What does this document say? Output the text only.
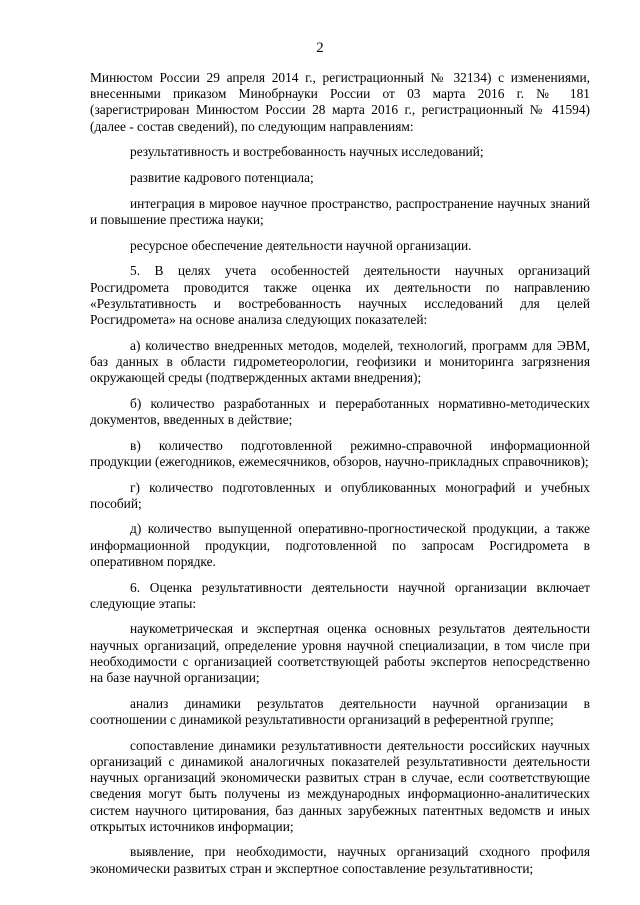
2

Минюстом России 29 апреля 2014 г., регистрационный № 32134) с изменениями, внесенными приказом Минобрнауки России от 03 марта 2016 г. № 181 (зарегистрирован Минюстом России 28 марта 2016 г., регистрационный № 41594) (далее - состав сведений), по следующим направлениям:

результативность и востребованность научных исследований;

развитие кадрового потенциала;

интеграция в мировое научное пространство, распространение научных знаний и повышение престижа науки;

ресурсное обеспечение деятельности научной организации.

5. В целях учета особенностей деятельности научных организаций Росгидромета проводится также оценка их деятельности по направлению «Результативность и востребованность научных исследований для целей Росгидромета» на основе анализа следующих показателей:

а) количество внедренных методов, моделей, технологий, программ для ЭВМ, баз данных в области гидрометеорологии, геофизики и мониторинга загрязнения окружающей среды (подтвержденных актами внедрения);

б) количество разработанных и переработанных нормативно-методических документов, введенных в действие;

в) количество подготовленной режимно-справочной информационной продукции (ежегодников, ежемесячников, обзоров, научно-прикладных справочников);

г) количество подготовленных и опубликованных монографий и учебных пособий;

д) количество выпущенной оперативно-прогностической продукции, а также информационной продукции, подготовленной по запросам Росгидромета в оперативном порядке.

6. Оценка результативности деятельности научной организации включает следующие этапы:

наукометрическая и экспертная оценка основных результатов деятельности научных организаций, определение уровня научной специализации, в том числе при необходимости с организацией соответствующей работы экспертов непосредственно на базе научной организации;

анализ динамики результатов деятельности научной организации в соотношении с динамикой результативности организаций в референтной группе;

сопоставление динамики результативности деятельности российских научных организаций с динамикой аналогичных показателей результативности деятельности научных организаций экономически развитых стран в случае, если соответствующие сведения могут быть получены из международных информационно-аналитических систем научного цитирования, баз данных зарубежных патентных ведомств и иных открытых источников информации;

выявление, при необходимости, научных организаций сходного профиля экономически развитых стран и экспертное сопоставление результативности;
